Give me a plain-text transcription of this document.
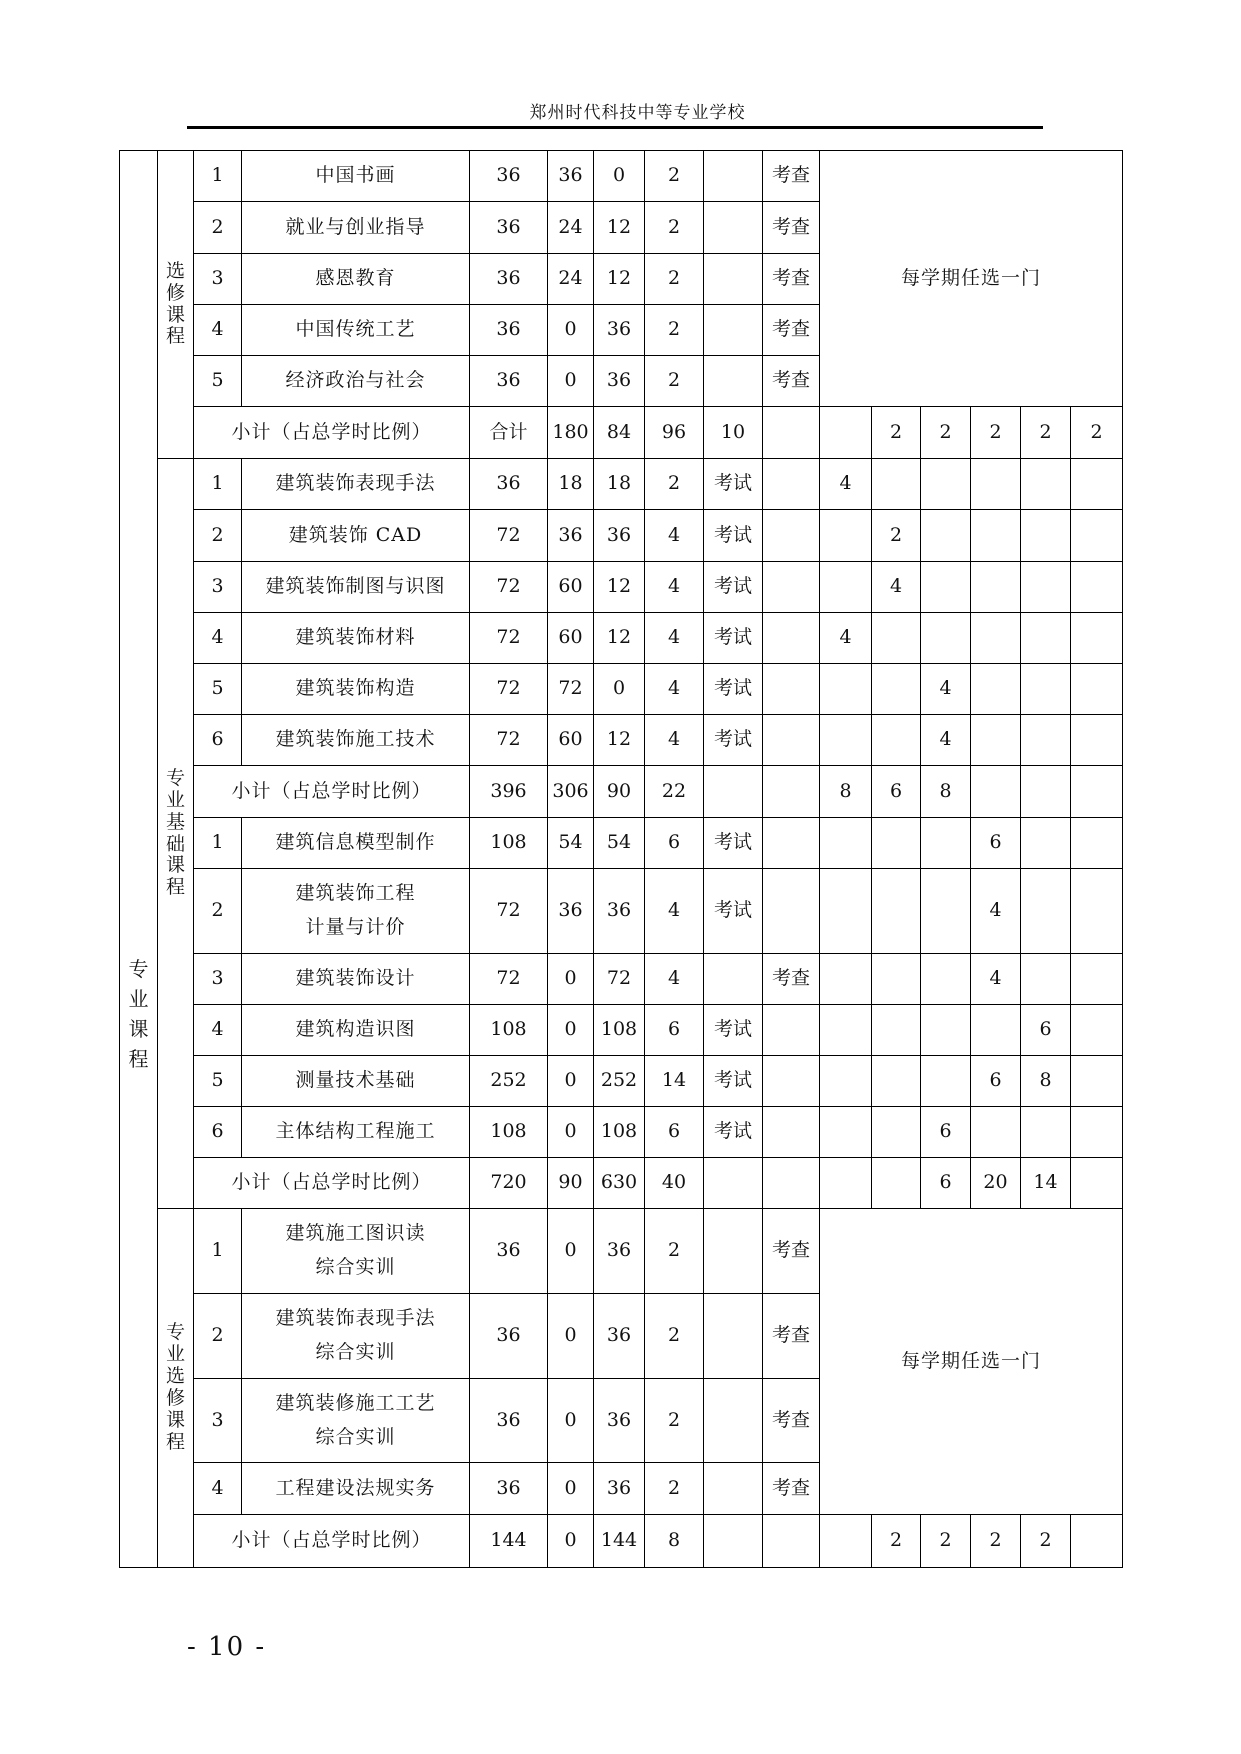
郑州时代科技中等专业学校
专业课程	选修课程	1	中国书画	36	36	0	2		考查	每学期任选一门					
		2	就业与创业指导	36	24	12	2		考查						
		3	感恩教育	36	24	12	2		考查						
		4	中国传统工艺	36	0	36	2		考查						
		5	经济政治与社会	36	0	36	2		考查						
		小计（占总学时比例）		合计	180	84	96	10			2	2	2	2	2
	专业基础课程	1	建筑装饰表现手法	36	18	18	2	考试		4					
		2	建筑装饰 CAD	72	36	36	4	考试			2				
		3	建筑装饰制图与识图	72	60	12	4	考试			4				
		4	建筑装饰材料	72	60	12	4	考试		4					
		5	建筑装饰构造	72	72	0	4	考试				4			
		6	建筑装饰施工技术	72	60	12	4	考试				4			
		小计（占总学时比例）		396	306	90	22			8	6	8			
		1	建筑信息模型制作	108	54	54	6	考试					6		
		2	建筑装饰工程
计量与计价	72	36	36	4	考试					4		
		3	建筑装饰设计	72	0	72	4		考查				4		
		4	建筑构造识图	108	0	108	6	考试						6	
		5	测量技术基础	252	0	252	14	考试					6	8	
		6	主体结构工程施工	108	0	108	6	考试				6			
		小计（占总学时比例）		720	90	630	40					6	20	14	
	专业选修课程	1	建筑施工图识读
综合实训	36	0	36	2		考查	每学期任选一门					
		2	建筑装饰表现手法
综合实训	36	0	36	2		考查						
		3	建筑装修施工工艺
综合实训	36	0	36	2		考查						
		4	工程建设法规实务	36	0	36	2		考查						
		小计（占总学时比例）		144	0	144	8				2	2	2	2	
- 10 -
